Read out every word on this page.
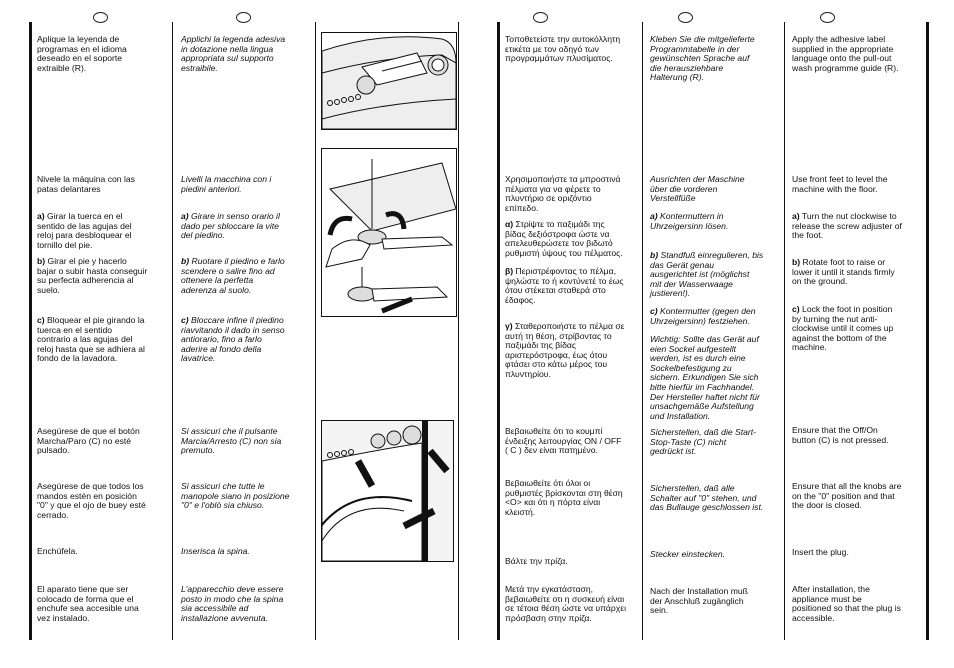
Aplique la leyenda de
programas en el idioma
deseado en el soporte
extraible (R).
Nivele la máquina con las
patas delantares
a) Girar la tuerca en el
sentido de las agujas del
reloj para desbloquear el
tornillo del pie.
b) Girar el pie y hacerlo
bajar o subir hasta conseguir
su perfecta adherencia al
suelo.
c) Bloquear el pie girando la
tuerca en el sentido
contrario a las agujas del
reloj hasta que se adhiera al
fondo de la lavadora.
Asegúrese de que el botón
Marcha/Paro (C) no esté
pulsado.
Asegúrese de que todos los
mandos estén en posición
"0" y que el ojo de buey esté
cerrado.
Enchúfela.
El aparato tiene que ser
colocado de forma que el
enchufe sea accesible una
vez instalado.
Applichi la legenda adesiva
in dotazione nella lingua
appropriata sul supporto
estraibile.
Livelli la macchina con i
piedini anteriori.
a) Girare in senso orario il
dado per sbloccare la vite
del piedino.
b) Ruotare il piedino e farlo
scendere o salire fino ad
ottenere la perfetta
aderenza al suolo.
c) Bloccare infine il piedino
riavvitando il dado in senso
antiorario, fino a farlo
aderire al fondo della
lavatrice.
Si assicuri che il pulsante
Marcia/Arresto (C) non sia
premuto.
Si assicuri che tutte le
manopole siano in posizione
"0" e l'oblò sia chiuso.
Inserisca la spina.
L'apparecchio deve essere
posto in modo che la spina
sia accessibile ad
installazione avvenuta.
Τοποθετείστε την αυτοκόλλητη
ετικέτα με τον οδηγό των
προγραμμάτων πλυσίματος.
Χρησιμοποιήστε τα μπροστινά
πέλματα για να φέρετε το
πλυντήριο σε οριζόντιο
επίπεδο.
α) Στρίψτε το παξιμάδι της
βίδας δεξιόστροφα ώστε να
απελευθερώσετε τον βιδωτό
ρυθμιστή ύψους του πέλματος.
β) Περιστρέφοντας το πέλμα,
ψηλώστε το ή κοντύνετέ το έως
ότου στέκεται σταθερά στο
έδαφος.
γ) Σταθεροποιήστε το πέλμα σε
αυτή τη θέση, στρίβοντας το
παξιμάδι της βίδας
αριστερόστροφα, έως ότου
φτάσει στο κάτω μέρος του
πλυντηρίου.
Βεβαιωθείτε ότι το κουμπί
ένδειξης λειτουργίας ON / OFF
( C ) δεν είναι πατημένο.
Βεβαιωθείτε ότι όλοι οι
ρυθμιστές βρίσκονται στη θέση
<O> και ότι η πόρτα είναι
κλειστή.
Βάλτε την πρίζα.
Μετά την εγκατάσταση,
βεβαιωθείτε οτι η συσκευή είναι
σε τέτοια θέση ώστε να υπάρχει
πρόσβαση στην πρίζα.
Kleben Sie die mitgelieferte
Programmtabelle in der
gewünschten Sprache auf
die herausziehbare
Halterung (R).
Ausrichten der Maschine
über die vorderen
Verstellfüße
a) Kontermuttern in
Uhrzeigersinn lösen.
b) Standfuß einregulieren, bis
das Gerät genau
ausgerichtet ist (möglichst
mit der Wasserwaage
justieren!).
c) Kontermutter (gegen den
Uhrzeigersinn) festziehen.
Wichtig: Sollte das Gerät auf
eien Sockel aufgestellt
werden, ist es durch eine
Sockelbefestigung zu
sichern. Erkundigen Sie sich
bitte hierfür im Fachhandel.
Der Hersteller haftet nicht für
unsachgemäße Aufstellung
und Installation.
Sicherstellen, daß die Start-
Stop-Taste (C) nicht
gedrückt ist.
Sicherstellen, daß alle
Schalter auf "0" stehen, und
das Bullauge geschlossen ist.
Stecker einstecken.
Nach der Installation muß
der Anschluß zugänglich
sein.
Apply the adhesive label
supplied in the appropriate
language onto the pull-out
wash programme guide (R).
Use front feet to level the
machine with the floor.
a) Turn the nut clockwise to
release the screw adjuster of
the foot.
b) Rotate foot to raise or
lower it until it stands firmly
on the ground.
c) Lock the foot in position
by turning the nut anti-
clockwise until it comes up
against the bottom of the
machine.
Ensure that the Off/On
button (C) is not pressed.
Ensure that all the knobs are
on the "0" position and that
the door is closed.
Insert the plug.
After installation, the
appliance must be
positioned so that the plug is
accessible.
